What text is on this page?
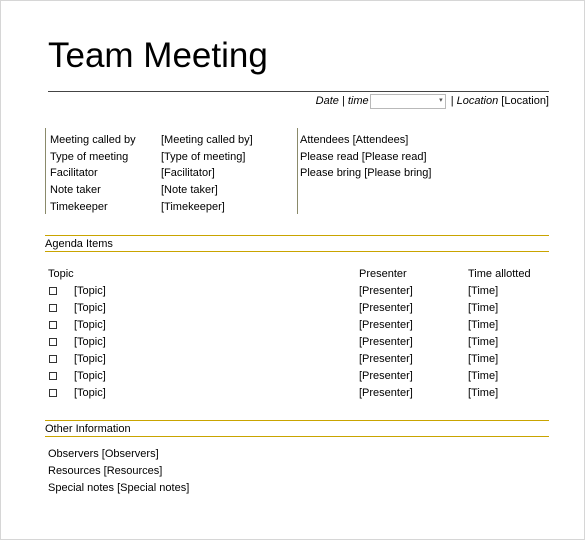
Team Meeting
Date | time	▾ | Location [Location]
Meeting called by [Meeting called by]
Type of meeting	[Type of meeting]
Facilitator	[Facilitator]
Note taker	[Note taker]
Timekeeper	[Timekeeper]
Attendees [Attendees]
Please read [Please read]
Please bring [Please bring]
Agenda Items
Topic	Presenter	Time allotted
[Topic]	[Presenter]	[Time]
[Topic]	[Presenter]	[Time]
[Topic]	[Presenter]	[Time]
[Topic]	[Presenter]	[Time]
[Topic]	[Presenter]	[Time]
[Topic]	[Presenter]	[Time]
[Topic]	[Presenter]	[Time]
Other Information
Observers [Observers]
Resources [Resources]
Special notes [Special notes]
